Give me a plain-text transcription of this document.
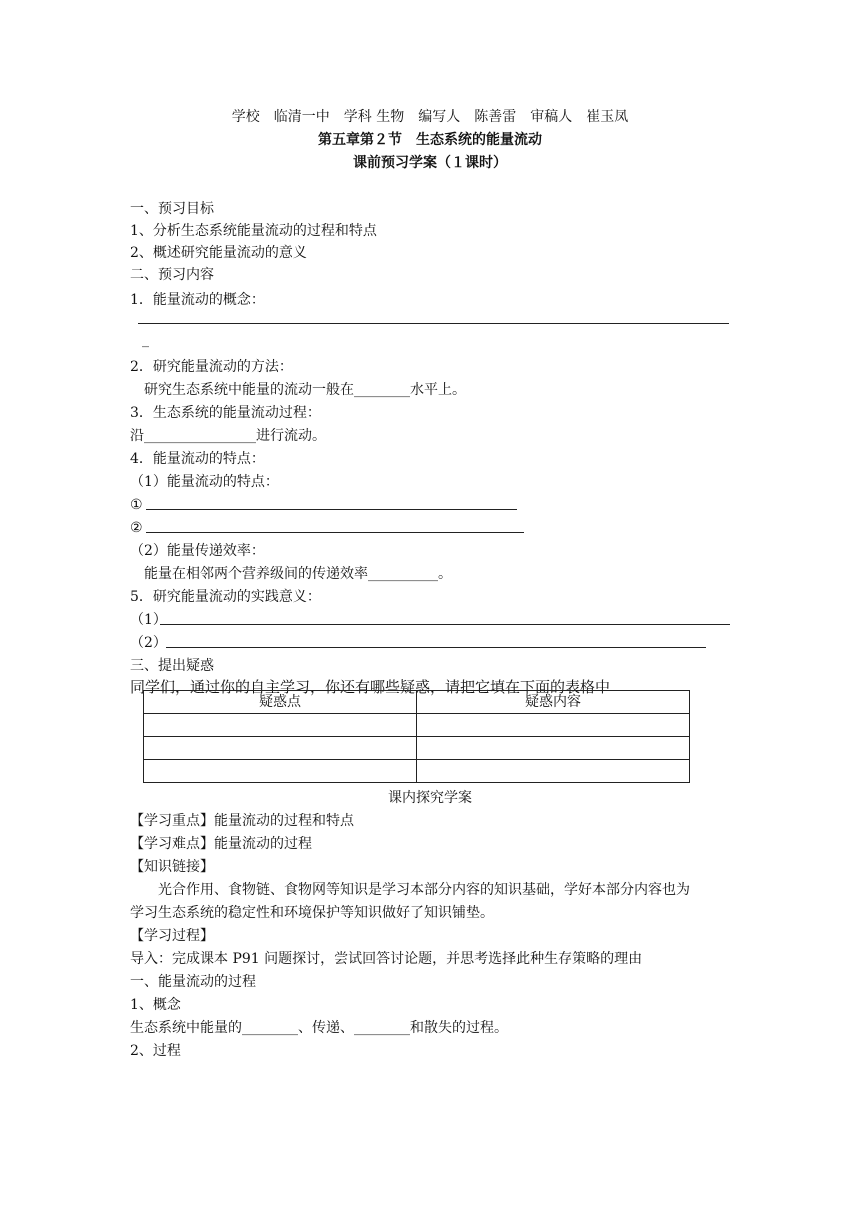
学校　临清一中　学科 生物　编写人　陈善雷　审稿人　崔玉凤
第五章第２节　生态系统的能量流动
课前预习学案（１课时）
一、预习目标
1、分析生态系统能量流动的过程和特点
2、概述研究能量流动的意义
二、预习内容
1．能量流动的概念：
_
2．研究能量流动的方法：
　研究生态系统中能量的流动一般在________水平上。
3．生态系统的能量流动过程：
沿________________进行流动。
4．能量流动的特点：
（1）能量流动的特点：
①
②
（2）能量传递效率：
　能量在相邻两个营养级间的传递效率__________。
5．研究能量流动的实践意义：
（1）
（2）
三、提出疑惑
同学们，通过你的自主学习，你还有哪些疑惑，请把它填在下面的表格中
疑惑点	疑惑内容

课内探究学案
【学习重点】能量流动的过程和特点
【学习难点】能量流动的过程
【知识链接】
　　光合作用、食物链、食物网等知识是学习本部分内容的知识基础，学好本部分内容也为
学习生态系统的稳定性和环境保护等知识做好了知识铺垫。
【学习过程】
导入：完成课本 P91 问题探讨，尝试回答讨论题，并思考选择此种生存策略的理由
一、能量流动的过程
1、概念
生态系统中能量的________、传递、________和散失的过程。
2、过程
